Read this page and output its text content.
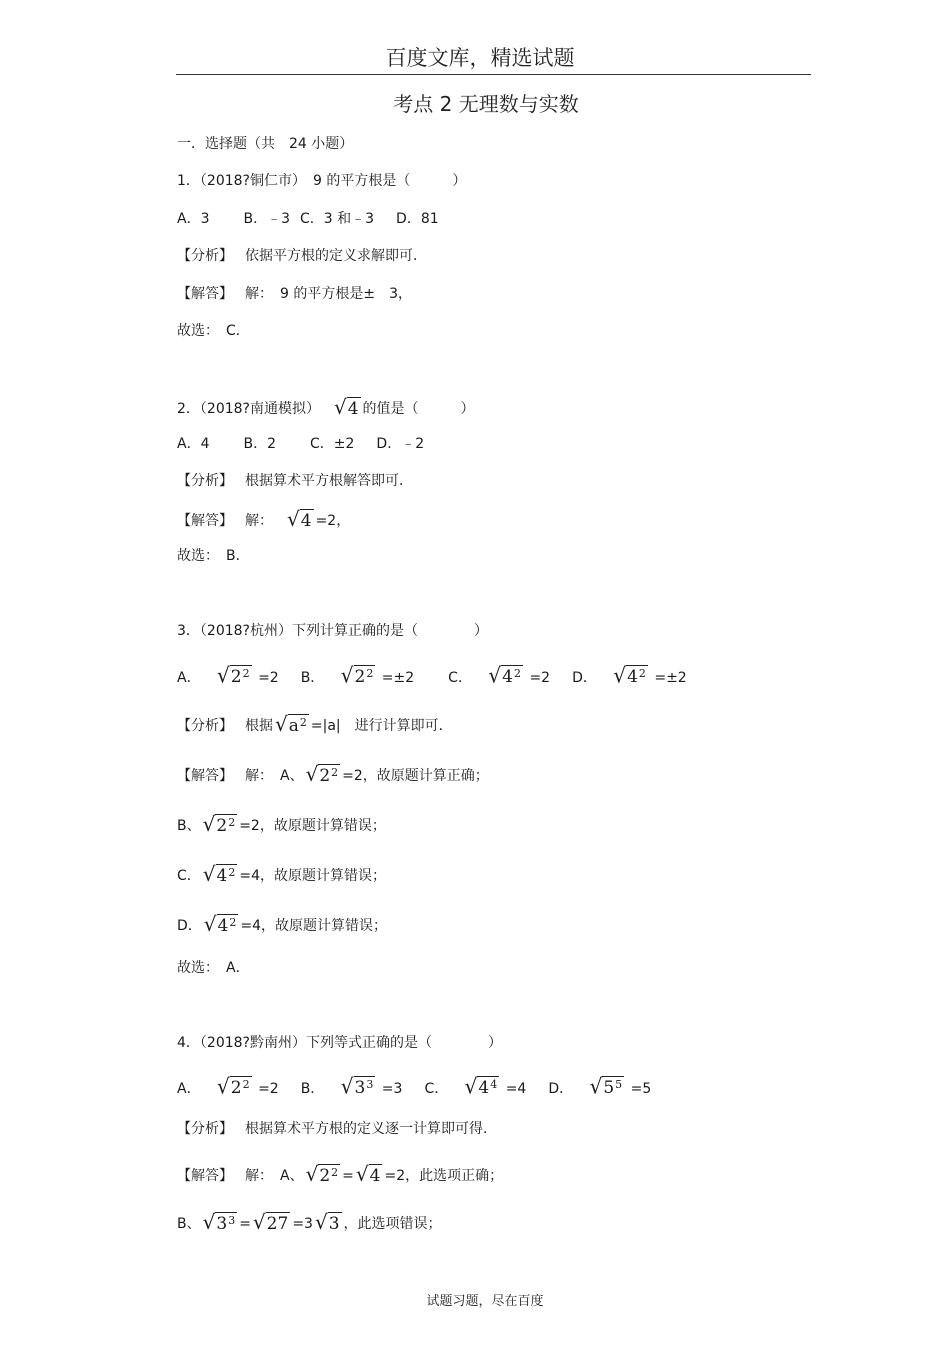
百度文库，精选试题
考点 2 无理数与实数
一．选择题（共　24 小题）
1．（2018?铜仁市）　9 的平方根是（　　　）
A．3 B．﹣3 C．3 和﹣3 D．81
【分析】 依据平方根的定义求解即可．
【解答】 解：　9 的平方根是±　3，
故选：　C．
2．（2018?南通模拟） √4 的值是（　　　）
A．4 B．2 C．±2 D．﹣2
【分析】 根据算术平方根解答即可．
【解答】 解： √4 =2，
故选：　B．
3．（2018?杭州）下列计算正确的是（　　　　）
A． √ 2 2 =2 B． √ 2 2 =±2 C． √ 4 2 =2 D． √ 4 2 =±2
【分析】 根据 √a 2 =|a|　进行计算即可．
【解答】 解：　A、 √2 2 =2，故原题计算正确；
B、 √2 2 =2，故原题计算错误；
C． √4 2 =4，故原题计算错误；
D． √4 2 =4，故原题计算错误；
故选：　A．
4．（2018?黔南州）下列等式正确的是（　　　　）
A． √ 2 2 =2 B． √ 3 3 =3 C． √ 4 4 =4 D． √ 5 5 =5
【分析】 根据算术平方根的定义逐一计算即可得．
【解答】 解：　A、 √2 2 = √4 =2，此选项正确；
B、 √3 3 = √27 =3 √3 ，此选项错误；
试题习题，尽在百度
